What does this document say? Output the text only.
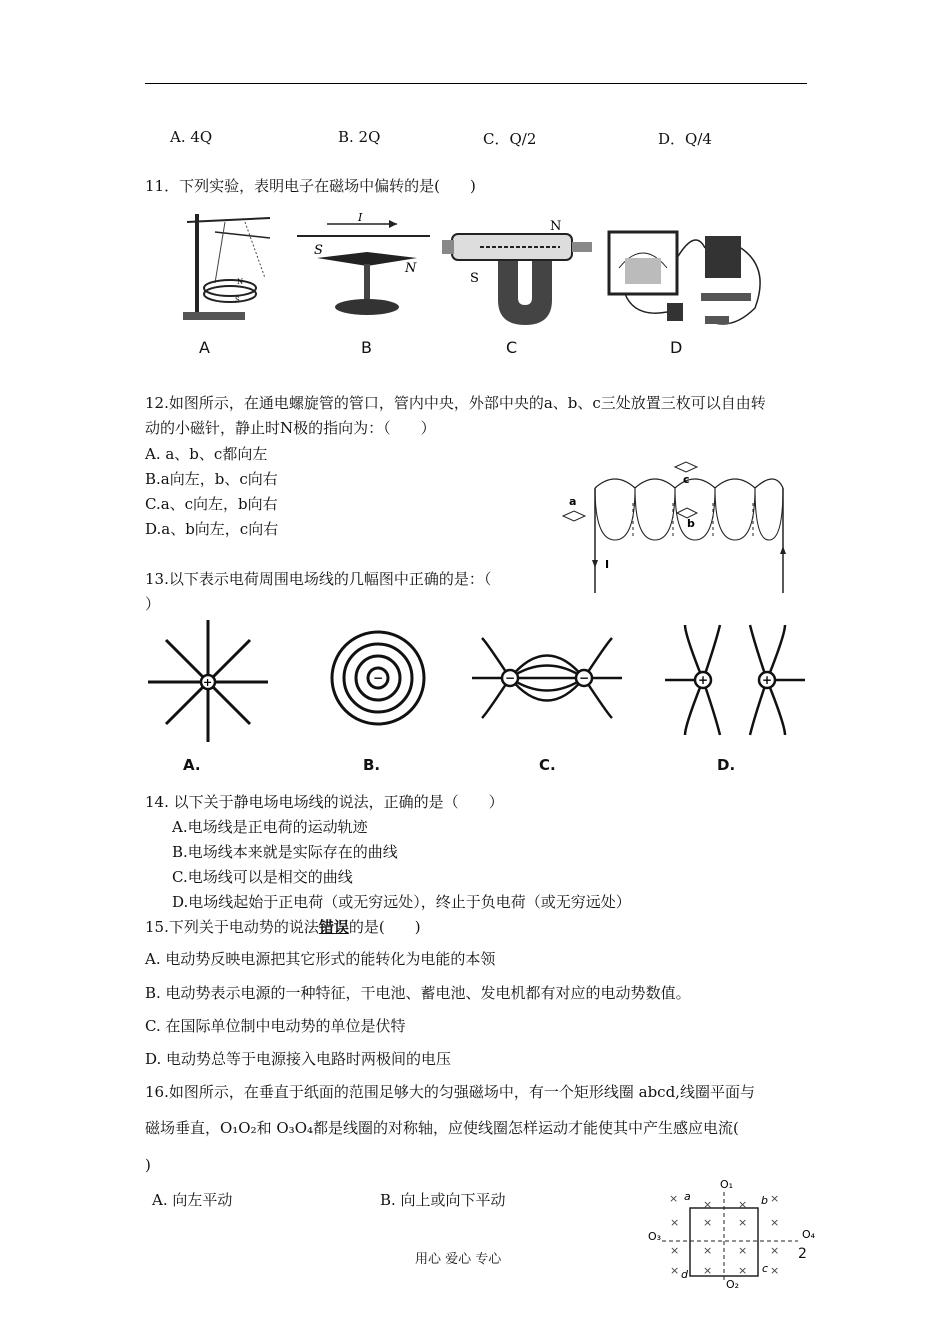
A. 4Q	B. 2Q	C．Q/2	D．Q/4
11．下列实验，表明电子在磁场中偏转的是(　　)
N
S
I
S
N
N
S
A	B	C	D
12.如图所示，在通电螺旋管的管口，管内中央，外部中央的a、b、c三处放置三枚可以自由转
动的小磁针，静止时N极的指向为：（　　）
A. a、b、c都向左
B.a向左，b、c向右
C.a、c向左，b向右
D.a、b向左，c向右
c
a
b
I
13.以下表示电荷周围电场线的几幅图中正确的是：（
）
+	−	−	−	+	+
A.	B.	C.	D.
14. 以下关于静电场电场线的说法，正确的是（　　）
A.电场线是正电荷的运动轨迹
B.电场线本来就是实际存在的曲线
C.电场线可以是相交的曲线
D.电场线起始于正电荷（或无穷远处），终止于负电荷（或无穷远处）
15.下列关于电动势的说法错误的是(　　)
A. 电动势反映电源把其它形式的能转化为电能的本领
B. 电动势表示电源的一种特征，干电池、蓄电池、发电机都有对应的电动势数值。
C. 在国际单位制中电动势的单位是伏特
D. 电动势总等于电源接入电路时两极间的电压
16.如图所示，在垂直于纸面的范围足够大的匀强磁场中，有一个矩形线圈 abcd,线圈平面与
磁场垂直，O₁O₂和 O₃O₄都是线圈的对称轴，应使线圈怎样运动才能使其中产生感应电流(
)
A. 向左平动	B. 向上或向下平动	×	×
× × × ×
× × × ×
× × × ×
× ×
a	b
c
d
O₁
O₂
O₃	O₄
用心 爱心 专心	2
